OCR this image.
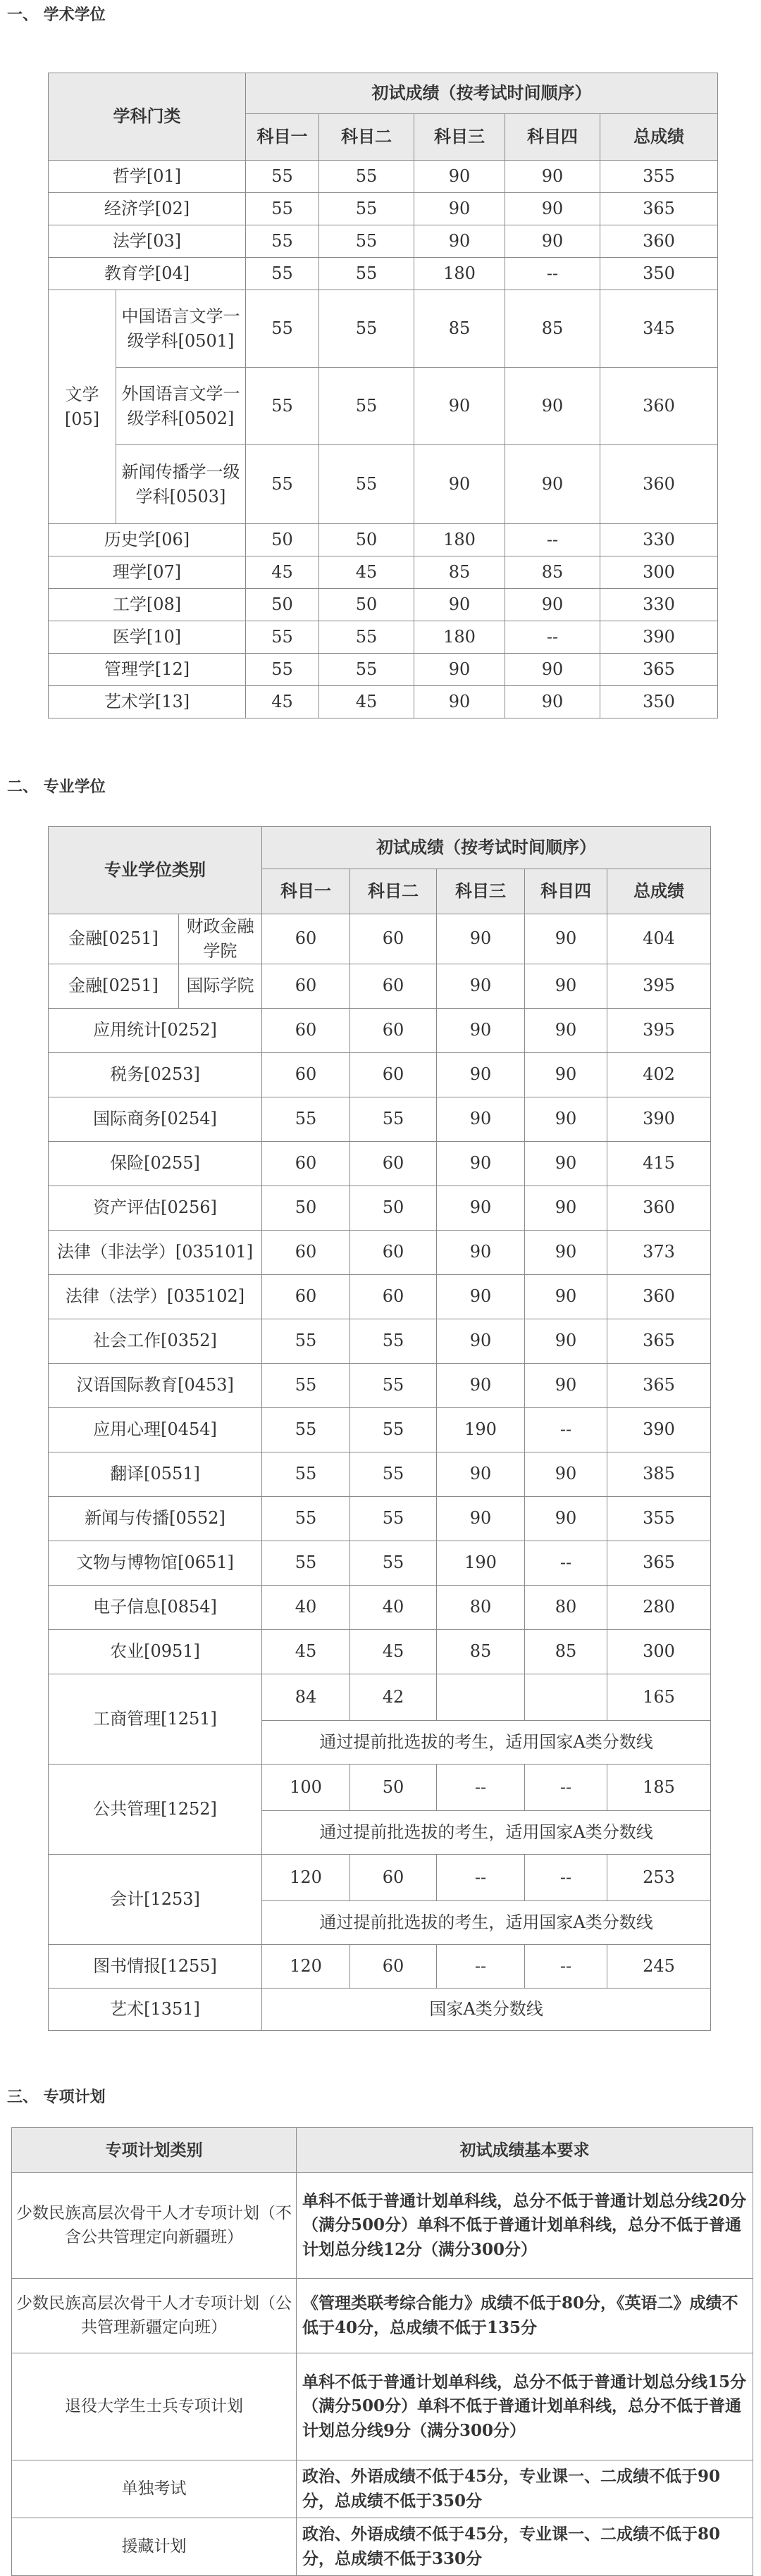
一、 学术学位
学科门类		初试成绩（按考试时间顺序）				
		科目一	科目二	科目三	科目四	总成绩
哲学[01]		55	55	90	90	355
经济学[02]		55	55	90	90	365
法学[03]		55	55	90	90	360
教育学[04]		55	55	180	--	350
文学[05]	中国语言文学一级学科[0501]	55	55	85	85	345
	外国语言文学一级学科[0502]	55	55	90	90	360
	新闻传播学一级学科[0503]	55	55	90	90	360
历史学[06]		50	50	180	--	330
理学[07]		45	45	85	85	300
工学[08]		50	50	90	90	330
医学[10]		55	55	180	--	390
管理学[12]		55	55	90	90	365
艺术学[13]		45	45	90	90	350
二、 专业学位
专业学位类别		初试成绩（按考试时间顺序）				
		科目一	科目二	科目三	科目四	总成绩
金融[0251]	财政金融学院	60	60	90	90	404
金融[0251]	国际学院	60	60	90	90	395
应用统计[0252]		60	60	90	90	395
税务[0253]		60	60	90	90	402
国际商务[0254]		55	55	90	90	390
保险[0255]		60	60	90	90	415
资产评估[0256]		50	50	90	90	360
法律（非法学）[035101]		60	60	90	90	373
法律（法学）[035102]		60	60	90	90	360
社会工作[0352]		55	55	90	90	365
汉语国际教育[0453]		55	55	90	90	365
应用心理[0454]		55	55	190	--	390
翻译[0551]		55	55	90	90	385
新闻与传播[0552]		55	55	90	90	355
文物与博物馆[0651]		55	55	190	--	365
电子信息[0854]		40	40	80	80	280
农业[0951]		45	45	85	85	300
工商管理[1251]		84	42			165
		通过提前批选拔的考生，适用国家A类分数线				
公共管理[1252]		100	50	--	--	185
		通过提前批选拔的考生，适用国家A类分数线				
会计[1253]		120	60	--	--	253
		通过提前批选拔的考生，适用国家A类分数线				
图书情报[1255]		120	60	--	--	245
艺术[1351]		国家A类分数线				
三、 专项计划
专项计划类别	初试成绩基本要求
少数民族高层次骨干人才专项计划（不含公共管理定向新疆班）	单科不低于普通计划单科线，总分不低于普通计划总分线20分（满分500分）单科不低于普通计划单科线，总分不低于普通计划总分线12分（满分300分）
少数民族高层次骨干人才专项计划（公共管理新疆定向班）	《管理类联考综合能力》成绩不低于80分，《英语二》成绩不低于40分，总成绩不低于135分
退役大学生士兵专项计划	单科不低于普通计划单科线，总分不低于普通计划总分线15分（满分500分）单科不低于普通计划单科线，总分不低于普通计划总分线9分（满分300分）
单独考试	政治、外语成绩不低于45分，专业课一、二成绩不低于90分，总成绩不低于350分
援藏计划	政治、外语成绩不低于45分，专业课一、二成绩不低于80分，总成绩不低于330分
